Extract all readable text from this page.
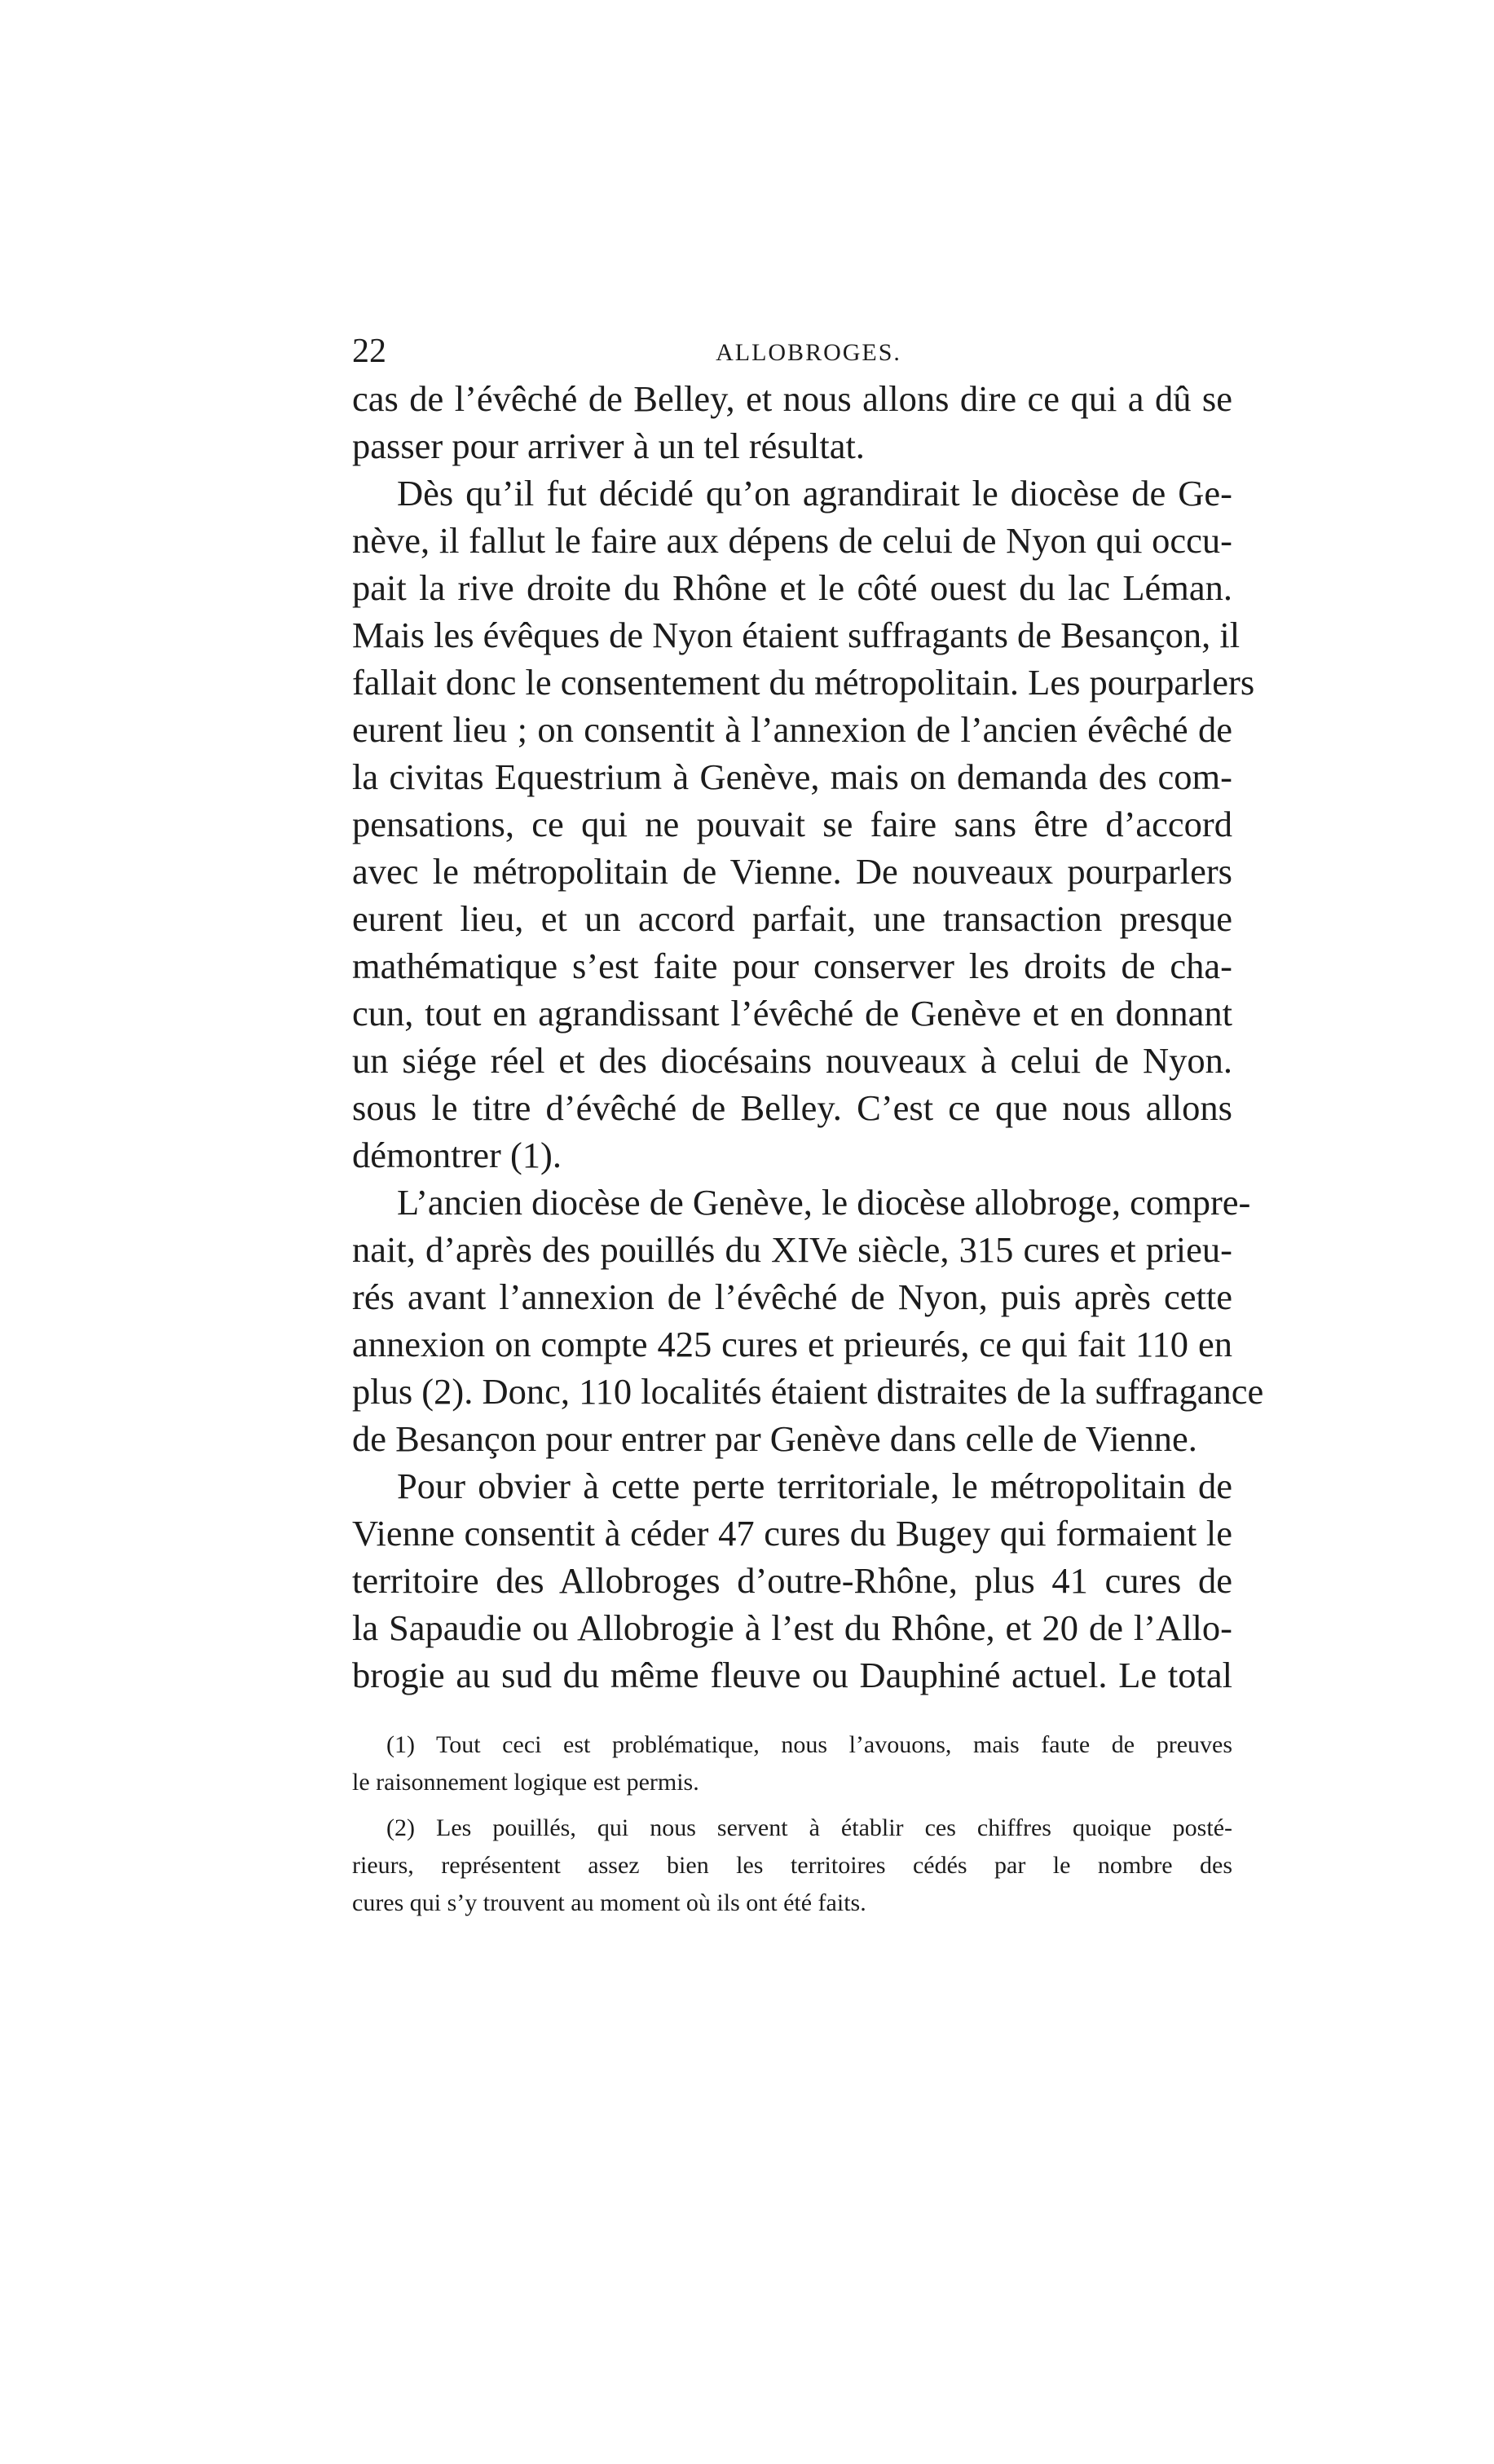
22	ALLOBROGES.
cas de l’évêché de Belley, et nous allons dire ce qui a dû se
passer pour arriver à un tel résultat.
Dès qu’il fut décidé qu’on agrandirait le diocèse de Ge-
nève, il fallut le faire aux dépens de celui de Nyon qui occu-
pait la rive droite du Rhône et le côté ouest du lac Léman.
Mais les évêques de Nyon étaient suffragants de Besançon, il
fallait donc le consentement du métropolitain. Les pourparlers
eurent lieu ; on consentit à l’annexion de l’ancien évêché de
la civitas Equestrium à Genève, mais on demanda des com-
pensations, ce qui ne pouvait se faire sans être d’accord
avec le métropolitain de Vienne. De nouveaux pourparlers
eurent lieu, et un accord parfait, une transaction presque
mathématique s’est faite pour conserver les droits de cha-
cun, tout en agrandissant l’évêché de Genève et en donnant
un siége réel et des diocésains nouveaux à celui de Nyon.
sous le titre d’évêché de Belley. C’est ce que nous allons
démontrer (1).
L’ancien diocèse de Genève, le diocèse allobroge, compre-
nait, d’après des pouillés du XIVe siècle, 315 cures et prieu-
rés avant l’annexion de l’évêché de Nyon, puis après cette
annexion on compte 425 cures et prieurés, ce qui fait 110 en
plus (2). Donc, 110 localités étaient distraites de la suffragance
de Besançon pour entrer par Genève dans celle de Vienne.
Pour obvier à cette perte territoriale, le métropolitain de
Vienne consentit à céder 47 cures du Bugey qui formaient le
territoire des Allobroges d’outre-Rhône, plus 41 cures de
la Sapaudie ou Allobrogie à l’est du Rhône, et 20 de l’Allo-
brogie au sud du même fleuve ou Dauphiné actuel. Le total
(1) Tout ceci est problématique, nous l’avouons, mais faute de preuves
le raisonnement logique est permis.
(2) Les pouillés, qui nous servent à établir ces chiffres quoique posté-
rieurs, représentent assez bien les territoires cédés par le nombre des
cures qui s’y trouvent au moment où ils ont été faits.
